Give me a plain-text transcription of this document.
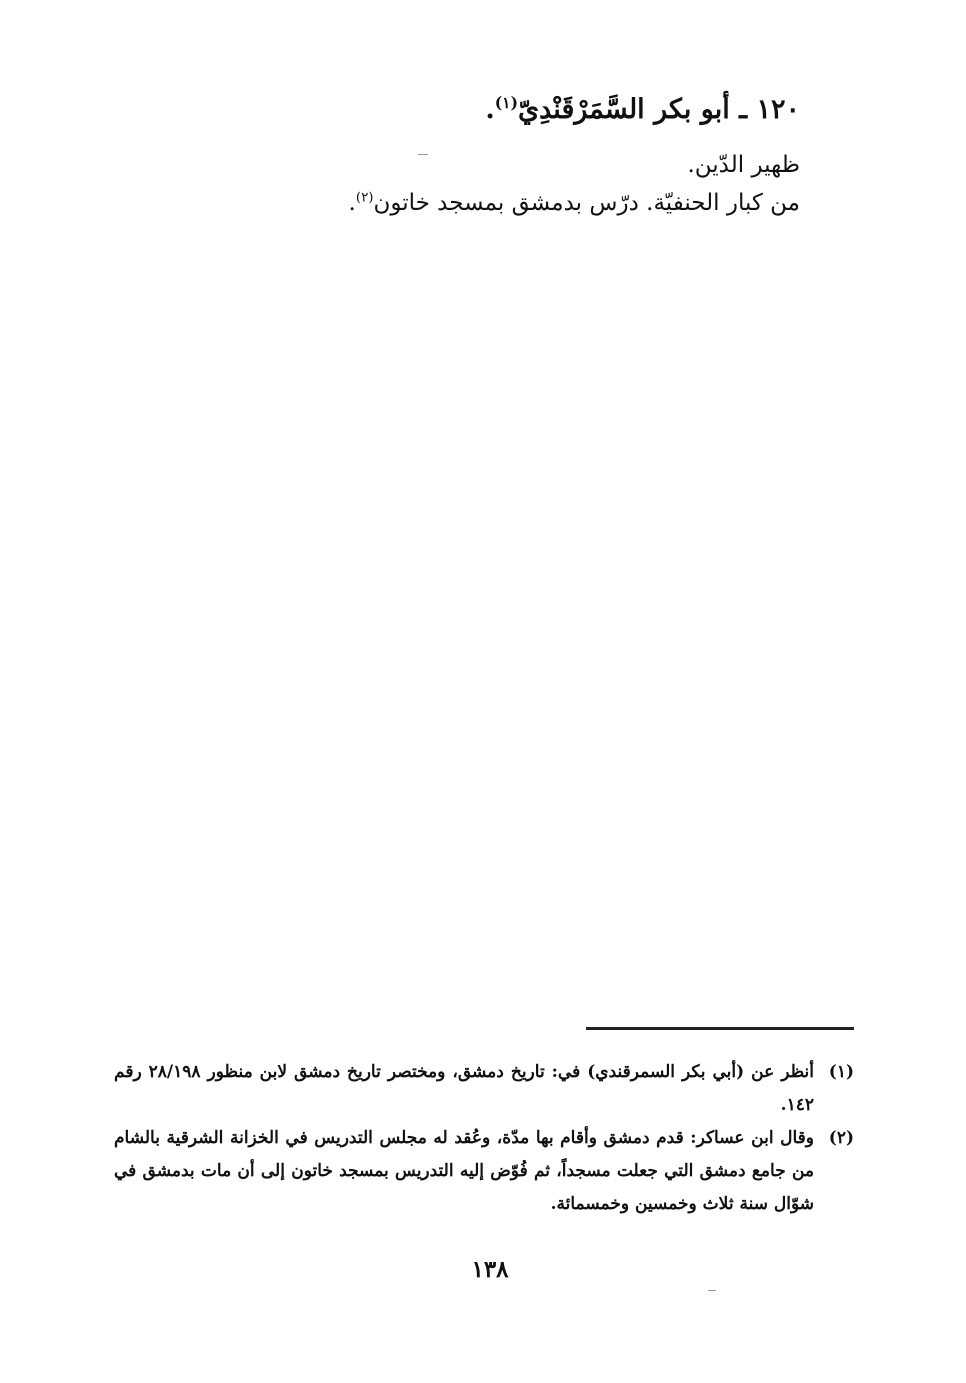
١٢٠ ـ أبو بكر السَّمَرْقَنْدِيّ$^{(١)}$.
ظهير الدّين.
من كبار الحنفيّة. درّس بدمشق بمسجد خاتون$^{(٢)}$.
(١)
أنظر عن (أبي بكر السمرقندي) في: تاريخ دمشق، ومختصر تاريخ دمشق لابن منظور ٢٨/١٩٨ رقم ١٤٢.
(٢)
وقال ابن عساكر: قدم دمشق وأقام بها مدّة، وعُقد له مجلس التدريس في الخزانة الشرقية بالشام من جامع دمشق التي جعلت مسجداً، ثم فُوّض إليه التدريس بمسجد خاتون إلى أن مات بدمشق في شوّال سنة ثلاث وخمسين وخمسمائة.
١٣٨
